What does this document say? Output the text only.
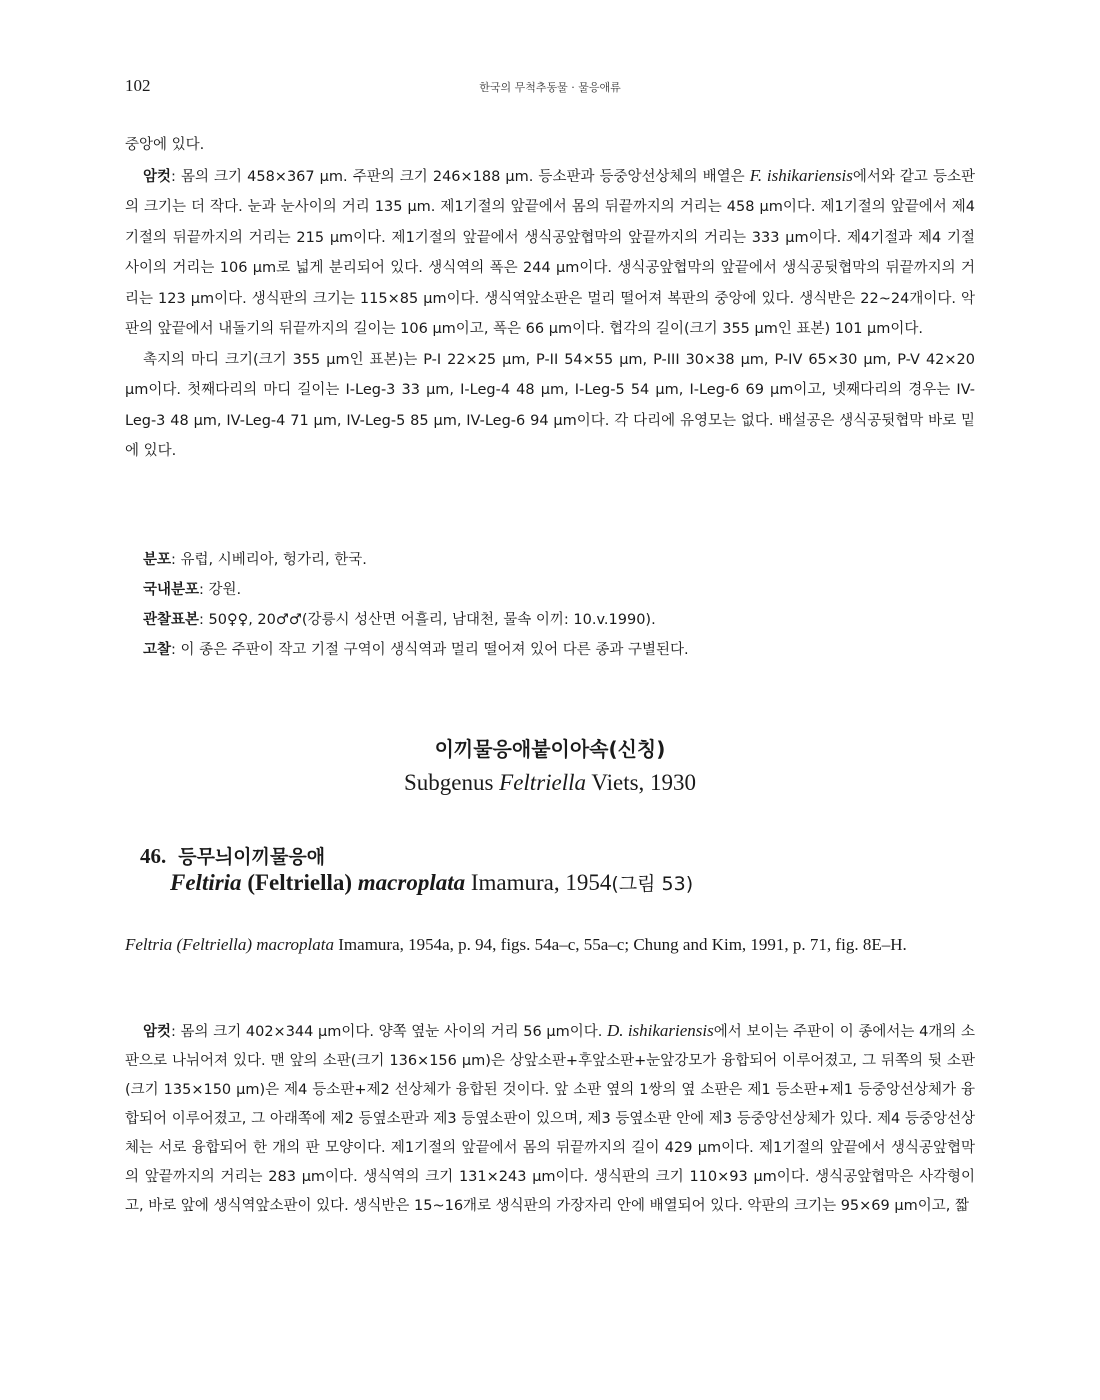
102	한국의 무척추동물 · 물응애류

중앙에 있다.

암컷: 몸의 크기 458×367 μm. 주판의 크기 246×188 μm. 등소판과 등중앙선상체의 배열은 F. ishikariensis에서와 같고 등소판의 크기는 더 작다. 눈과 눈사이의 거리 135 μm. 제1기절의 앞끝에서 몸의 뒤끝까지의 거리는 458 μm이다. 제1기절의 앞끝에서 제4기절의 뒤끝까지의 거리는 215 μm이다. 제1기절의 앞끝에서 생식공앞협막의 앞끝까지의 거리는 333 μm이다. 제4기절과 제4 기절 사이의 거리는 106 μm로 넓게 분리되어 있다. 생식역의 폭은 244 μm이다. 생식공앞협막의 앞끝에서 생식공뒷협막의 뒤끝까지의 거리는 123 μm이다. 생식판의 크기는 115×85 μm이다. 생식역앞소판은 멀리 떨어져 복판의 중앙에 있다. 생식반은 22~24개이다. 악판의 앞끝에서 내돌기의 뒤끝까지의 길이는 106 μm이고, 폭은 66 μm이다. 협각의 길이(크기 355 μm인 표본) 101 μm이다.

촉지의 마디 크기(크기 355 μm인 표본)는 P-I 22×25 μm, P-II 54×55 μm, P-III 30×38 μm, P-IV 65×30 μm, P-V 42×20 μm이다. 첫째다리의 마디 길이는 I-Leg-3 33 μm, I-Leg-4 48 μm, I-Leg-5 54 μm, I-Leg-6 69 μm이고, 넷째다리의 경우는 IV-Leg-3 48 μm, IV-Leg-4 71 μm, IV-Leg-5 85 μm, IV-Leg-6 94 μm이다. 각 다리에 유영모는 없다. 배설공은 생식공뒷협막 바로 밑에 있다.

분포: 유럽, 시베리아, 헝가리, 한국.

국내분포: 강원.

관찰표본: 50♀♀, 20♂♂(강릉시 성산면 어흘리, 남대천, 물속 이끼: 10.v.1990).

고찰: 이 종은 주판이 작고 기절 구역이 생식역과 멀리 떨어져 있어 다른 종과 구별된다.

이끼물응애붙이아속(신칭)
Subgenus Feltriella Viets, 1930
46. 등무늬이끼물응애
Feltiria (Feltriella) macroplata Imamura, 1954(그림 53)
Feltria (Feltriella) macroplata Imamura, 1954a, p. 94, figs. 54a–c, 55a–c; Chung and Kim, 1991, p. 71, fig. 8E–H.

암컷: 몸의 크기 402×344 μm이다. 양쪽 옆눈 사이의 거리 56 μm이다. D. ishikariensis에서 보이는 주판이 이 종에서는 4개의 소판으로 나뉘어져 있다. 맨 앞의 소판(크기 136×156 μm)은 상앞소판+후앞소판+눈앞강모가 융합되어 이루어졌고, 그 뒤쪽의 뒷 소판(크기 135×150 μm)은 제4 등소판+제2 선상체가 융합된 것이다. 앞 소판 옆의 1쌍의 옆 소판은 제1 등소판+제1 등중앙선상체가 융합되어 이루어졌고, 그 아래쪽에 제2 등옆소판과 제3 등옆소판이 있으며, 제3 등옆소판 안에 제3 등중앙선상체가 있다. 제4 등중앙선상체는 서로 융합되어 한 개의 판 모양이다. 제1기절의 앞끝에서 몸의 뒤끝까지의 길이 429 μm이다. 제1기절의 앞끝에서 생식공앞협막의 앞끝까지의 거리는 283 μm이다. 생식역의 크기 131×243 μm이다. 생식판의 크기 110×93 μm이다. 생식공앞협막은 사각형이고, 바로 앞에 생식역앞소판이 있다. 생식반은 15~16개로 생식판의 가장자리 안에 배열되어 있다. 악판의 크기는 95×69 μm이고, 짧
